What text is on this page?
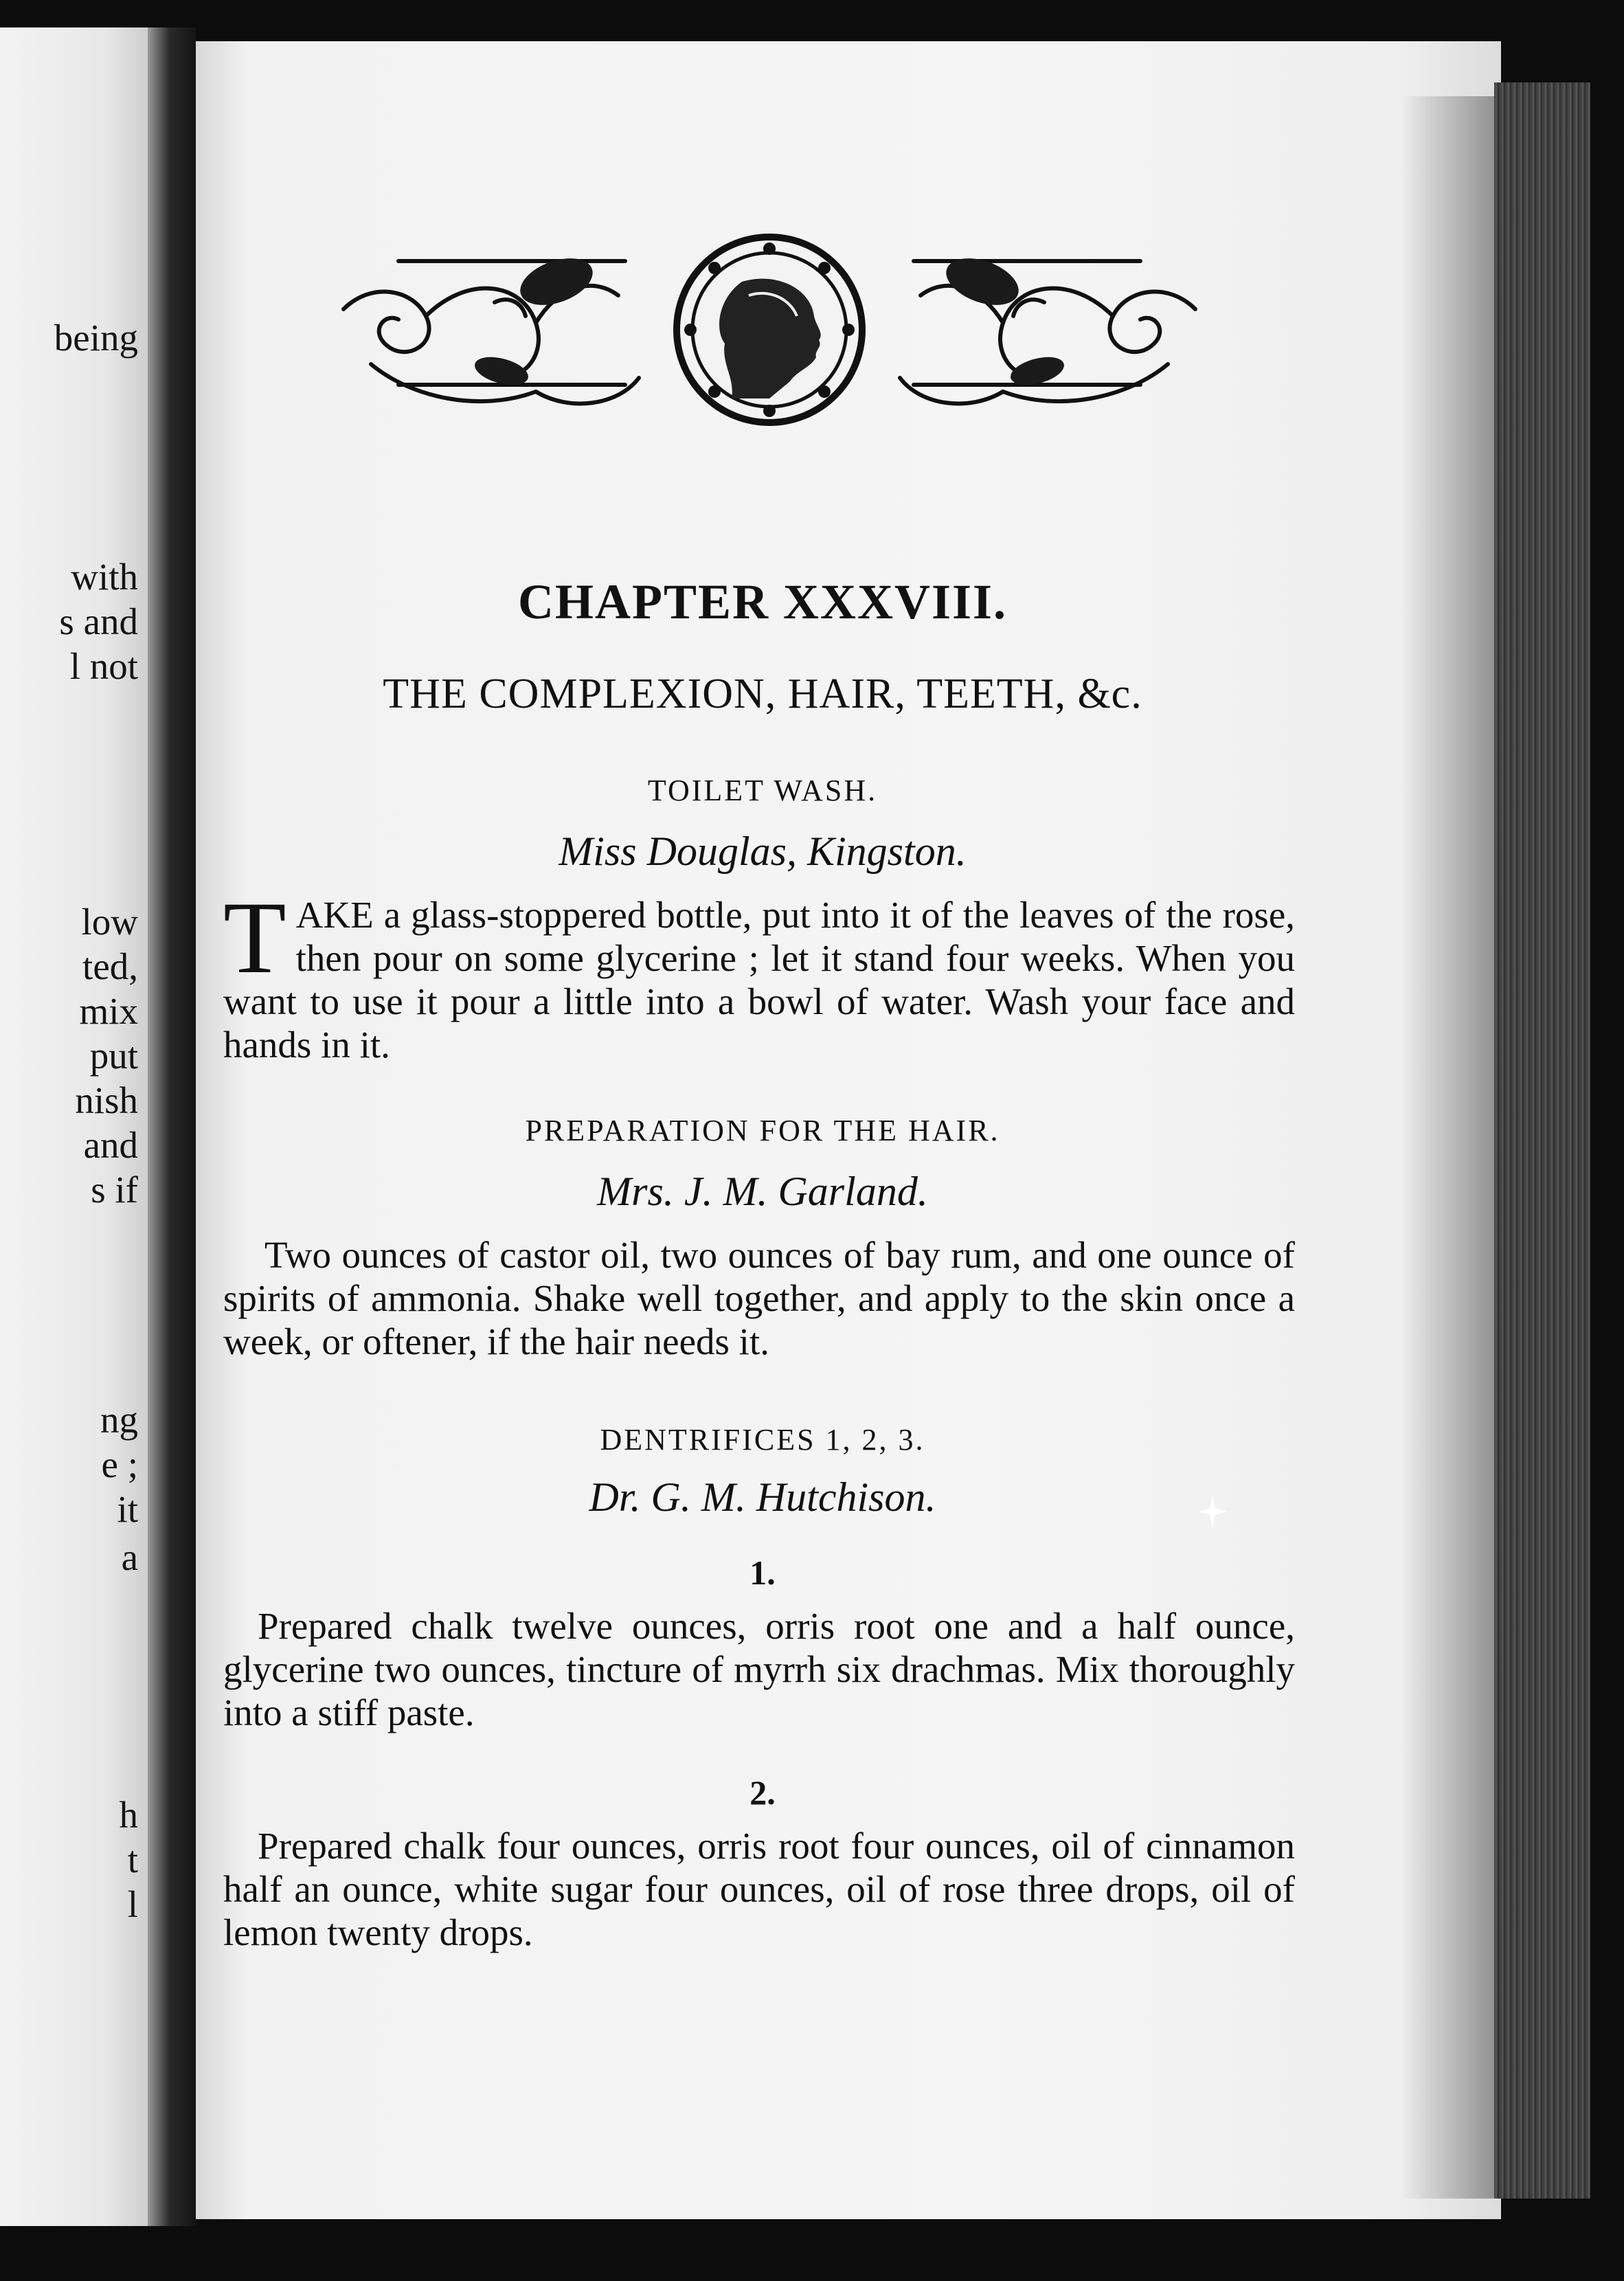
being
with
s and
l not
low
ted,
mix
put
nish
and
s if
ng
e ;
it
a
h
t
l
CHAPTER XXXVIII.
THE COMPLEXION, HAIR, TEETH, &c.
TOILET WASH.
Miss Douglas, Kingston.
TAKE a glass-stoppered bottle, put into it of the leaves of the rose, then pour on some glycerine ; let it stand four weeks. When you want to use it pour a little into a bowl of water. Wash your face and hands in it.
PREPARATION FOR THE HAIR.
Mrs. J. M. Garland.
Two ounces of castor oil, two ounces of bay rum, and one ounce of spirits of ammonia. Shake well together, and apply to the skin once a week, or oftener, if the hair needs it.
DENTRIFICES 1, 2, 3.
Dr. G. M. Hutchison.
1.
Prepared chalk twelve ounces, orris root one and a half ounce, glycerine two ounces, tincture of myrrh six drachmas. Mix thoroughly into a stiff paste.
2.
Prepared chalk four ounces, orris root four ounces, oil of cinnamon half an ounce, white sugar four ounces, oil of rose three drops, oil of lemon twenty drops.
